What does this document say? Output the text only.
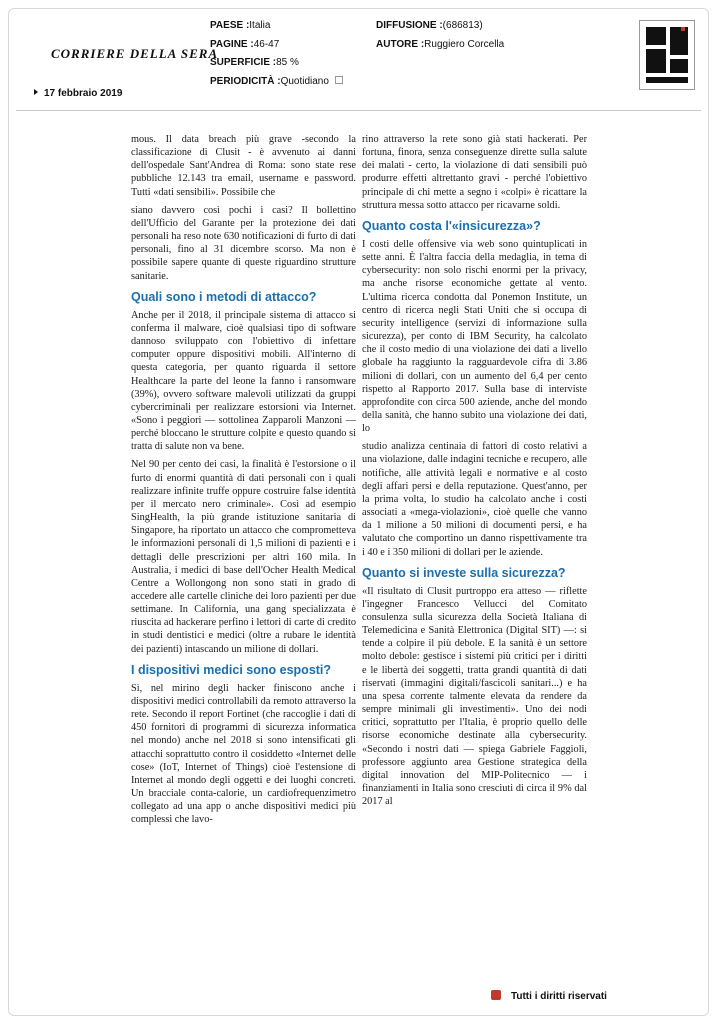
CORRIERE DELLA SERA
17 febbraio 2019
PAESE :Italia
PAGINE :46-47
SUPERFICIE :85 %
PERIODICITÀ :Quotidiano
DIFFUSIONE :(686813)
AUTORE :Ruggiero Corcella

mous. Il data breach più grave -secondo la classificazione di Clusit - è avvenuto ai danni dell'ospedale Sant'Andrea di Roma: sono state rese pubbliche 12.143 tra email, username e password. Tutti «dati sensibili». Possibile che

siano davvero così pochi i casi? Il bollettino dell'Ufficio del Garante per la protezione dei dati personali ha reso note 630 notificazioni di furto di dati personali, fino al 31 dicembre scorso. Ma non è possibile sapere quante di queste riguardino strutture sanitarie.

Quali sono i metodi di attacco?

Anche per il 2018, il principale sistema di attacco si conferma il malware, cioè qualsiasi tipo di software dannoso sviluppato con l'obiettivo di infettare computer oppure dispositivi mobili. All'interno di questa categoria, per quanto riguarda il settore Healthcare la parte del leone la fanno i ransomware (39%), ovvero software malevoli utilizzati da gruppi cybercriminali per realizzare estorsioni via Internet. «Sono i peggiori — sottolinea Zapparoli Manzoni — perché bloccano le strutture colpite e questo quando si tratta di salute non va bene.

Nel 90 per cento dei casi, la finalità è l'estorsione o il furto di enormi quantità di dati personali con i quali realizzare infinite truffe oppure costruire false identità per il mercato nero criminale». Così ad esempio SingHealth, la più grande istituzione sanitaria di Singapore, ha riportato un attacco che comprometteva le informazioni personali di 1,5 milioni di pazienti e i dettagli delle prescrizioni per altri 160 mila. In Australia, i medici di base dell'Ocher Health Medical Centre a Wollongong non sono stati in grado di accedere alle cartelle cliniche dei loro pazienti per due settimane. In California, una gang specializzata è riuscita ad hackerare perfino i lettori di carte di credito in studi dentistici e medici (oltre a rubare le identità dei pazienti) intascando un milione di dollari.

I dispositivi medici sono esposti?

Sì, nel mirino degli hacker finiscono anche i dispositivi medici controllabili da remoto attraverso la rete. Secondo il report Fortinet (che raccoglie i dati di 450 fornitori di programmi di sicurezza informatica nel mondo) anche nel 2018 si sono intensificati gli attacchi soprattutto contro il cosiddetto «Internet delle cose» (IoT, Internet of Things) cioè l'estensione di Internet al mondo degli oggetti e dei luoghi concreti. Un bracciale conta-calorie, un cardiofrequenzimetro collegato ad una app o anche dispositivi medici più complessi che lavo-

rino attraverso la rete sono già stati hackerati. Per fortuna, finora, senza conseguenze dirette sulla salute dei malati - certo, la violazione di dati sensibili può produrre effetti altrettanto gravi - perché l'obiettivo principale di chi mette a segno i «colpi» è ricattare la struttura messa sotto attacco per ricavarne soldi.

Quanto costa l'«insicurezza»?

I costi delle offensive via web sono quintuplicati in sette anni. È l'altra faccia della medaglia, in tema di cybersecurity: non solo rischi enormi per la privacy, ma anche risorse economiche gettate al vento. L'ultima ricerca condotta dal Ponemon Institute, un centro di ricerca negli Stati Uniti che si occupa di security intelligence (servizi di informazione sulla sicurezza), per conto di IBM Security, ha calcolato che il costo medio di una violazione dei dati a livello globale ha raggiunto la ragguardevole cifra di 3.86 milioni di dollari, con un aumento del 6,4 per cento rispetto al Rapporto 2017. Sulla base di interviste approfondite con circa 500 aziende, anche del mondo della sanità, che hanno subito una violazione dei dati, lo

studio analizza centinaia di fattori di costo relativi a una violazione, dalle indagini tecniche e recupero, alle notifiche, alle attività legali e normative e al costo degli affari persi e della reputazione. Quest'anno, per la prima volta, lo studio ha calcolato anche i costi associati a «mega-violazioni», cioè quelle che vanno da 1 milione a 50 milioni di documenti persi, e ha valutato che comportino un danno rispettivamente tra i 40 e i 350 milioni di dollari per le aziende.

Quanto si investe sulla sicurezza?

«Il risultato di Clusit purtroppo era atteso — riflette l'ingegner Francesco Vellucci del Comitato consulenza sulla sicurezza della Società Italiana di Telemedicina e Sanità Elettronica (Digital SIT) —: si tende a colpire il più debole. E la sanità è un settore molto debole: gestisce i sistemi più critici per i diritti e le libertà dei soggetti, tratta grandi quantità di dati riservati (immagini digitali/fascicoli sanitari...) e ha una spesa corrente talmente elevata da rendere da sempre minimali gli investimenti». Uno dei nodi critici, soprattutto per l'Italia, è proprio quello delle risorse economiche destinate alla cybersecurity. «Secondo i nostri dati — spiega Gabriele Faggioli, professore aggiunto area Gestione strategica della digital innovation del MIP-Politecnico — i finanziamenti in Italia sono cresciuti di circa il 9% dal 2017 al

Tutti i diritti riservati
